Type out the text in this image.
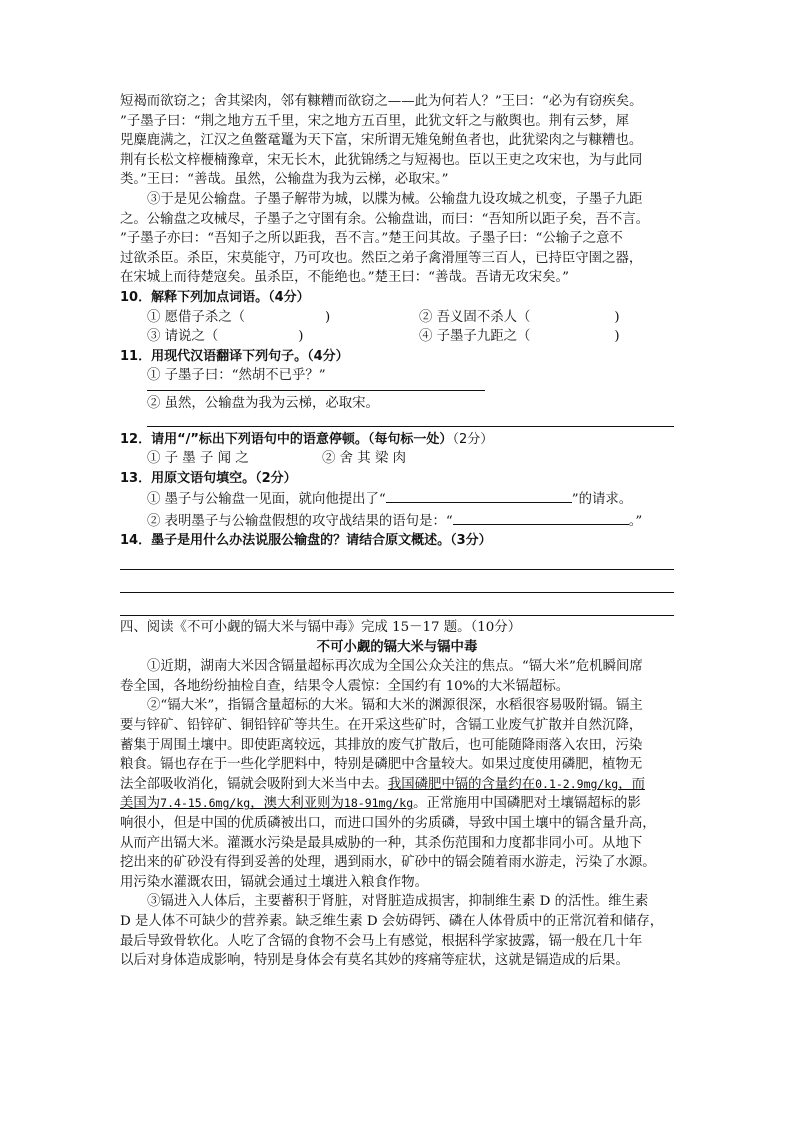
短褐而欲窃之；舍其梁肉，邻有糠糟而欲窃之——此为何若人？”王曰：“必为有窃疾矣。

”子墨子曰：“荆之地方五千里，宋之地方五百里，此犹文轩之与敝舆也。荆有云梦，犀

兕麋鹿满之，江汉之鱼鳖鼋鼍为天下富，宋所谓无雉兔鲋鱼者也，此犹梁肉之与糠糟也。

荆有长松文梓楩楠豫章，宋无长木，此犹锦绣之与短褐也。臣以王吏之攻宋也，为与此同

类。”王曰：“善哉。虽然，公输盘为我为云梯，必取宋。”

③于是见公输盘。子墨子解带为城，以牒为械。公输盘九设攻城之机变，子墨子九距

之。公输盘之攻械尽，子墨子之守圉有余。公输盘诎，而曰：“吾知所以距子矣，吾不言。

”子墨子亦曰：“吾知子之所以距我，吾不言。”楚王问其故。子墨子曰：“公输子之意不

过欲杀臣。杀臣，宋莫能守，乃可攻也。然臣之弟子禽滑厘等三百人，已持臣守圉之器，

在宋城上而待楚寇矣。虽杀臣，不能绝也。”楚王曰：“善哉。吾请无攻宋矣。”

10．解释下列加点词语。（4分）

① 愿借子杀之（	)	② 吾义固不杀人（	)
③ 请说之（	)	④ 子墨子九距之（	)

11．用现代汉语翻译下列句子。（4分）

① 子墨子曰：“然胡不已乎？”

② 虽然，公输盘为我为云梯，必取宋。

12．请用“/”标出下列语句中的语意停顿。（每句标一处）（2分）

① 子 墨 子 闻 之	② 舍 其 梁 肉

13．用原文语句填空。（2分）

① 墨子与公输盘一见面，就向他提出了“	”的请求。

② 表明墨子与公输盘假想的攻守战结果的语句是：“	。”

14．墨子是用什么办法说服公输盘的？请结合原文概述。（3分）

四、阅读《不可小觑的镉大米与镉中毒》完成 15－17 题。（10分）

不可小觑的镉大米与镉中毒

①近期，湖南大米因含镉量超标再次成为全国公众关注的焦点。“镉大米”危机瞬间席

卷全国，各地纷纷抽检自查，结果令人震惊：全国约有 10%的大米镉超标。

②“镉大米”，指镉含量超标的大米。镉和大米的渊源很深，水稻很容易吸附镉。镉主

要与锌矿、铅锌矿、铜铅锌矿等共生。在开采这些矿时，含镉工业废气扩散并自然沉降，

蓄集于周围土壤中。即使距离较远，其排放的废气扩散后，也可能随降雨落入农田，污染

粮食。镉也存在于一些化学肥料中，特别是磷肥中含量较大。如果过度使用磷肥，植物无

法全部吸收消化，镉就会吸附到大米当中去。我国磷肥中镉的含量约在0.1-2.9mg/kg，而

美国为7.4-15.6mg/kg，澳大利亚则为18-91mg/kg。正常施用中国磷肥对土壤镉超标的影

响很小，但是中国的优质磷被出口，而进口国外的劣质磷，导致中国土壤中的镉含量升高，

从而产出镉大米。灌溉水污染是最具威胁的一种，其杀伤范围和力度都非同小可。从地下

挖出来的矿砂没有得到妥善的处理，遇到雨水，矿砂中的镉会随着雨水游走，污染了水源。

用污染水灌溉农田，镉就会通过土壤进入粮食作物。

③镉进入人体后，主要蓄积于肾脏，对肾脏造成损害，抑制维生素 D 的活性。维生素

D 是人体不可缺少的营养素。缺乏维生素 D 会妨碍钙、磷在人体骨质中的正常沉着和储存，

最后导致骨软化。人吃了含镉的食物不会马上有感觉，根据科学家披露，镉一般在几十年

以后对身体造成影响，特别是身体会有莫名其妙的疼痛等症状，这就是镉造成的后果。
